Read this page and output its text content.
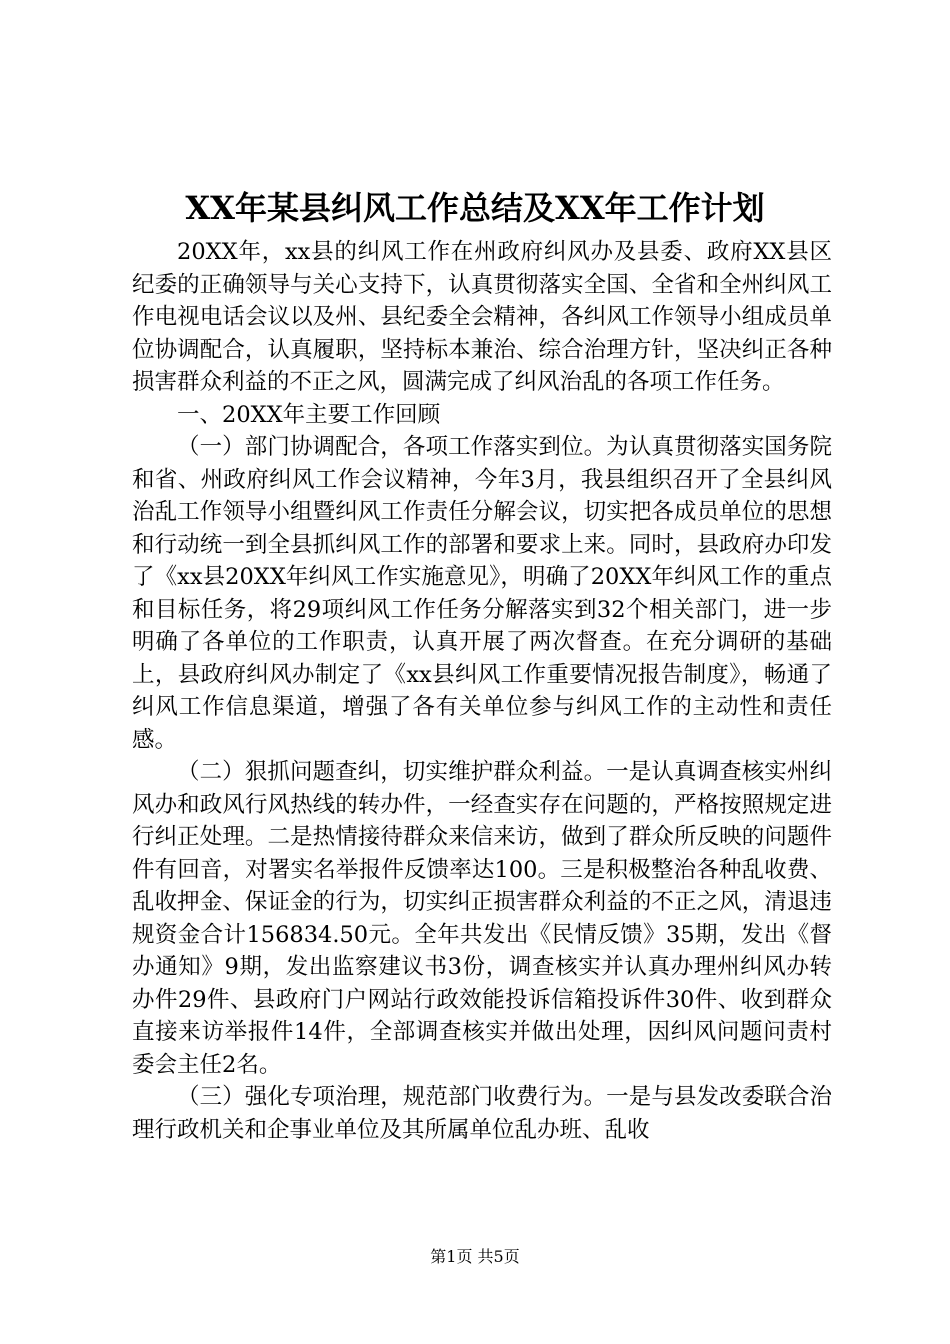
XX年某县纠风工作总结及XX年工作计划

20XX年，xx县的纠风工作在州政府纠风办及县委、政府XX县区纪委的正确领导与关心支持下，认真贯彻落实全国、全省和全州纠风工作电视电话会议以及州、县纪委全会精神，各纠风工作领导小组成员单位协调配合，认真履职，坚持标本兼治、综合治理方针，坚决纠正各种损害群众利益的不正之风，圆满完成了纠风治乱的各项工作任务。

一、20XX年主要工作回顾

（一）部门协调配合，各项工作落实到位。为认真贯彻落实国务院和省、州政府纠风工作会议精神，今年3月，我县组织召开了全县纠风治乱工作领导小组暨纠风工作责任分解会议，切实把各成员单位的思想和行动统一到全县抓纠风工作的部署和要求上来。同时，县政府办印发了《xx县20XX年纠风工作实施意见》，明确了20XX年纠风工作的重点和目标任务，将29项纠风工作任务分解落实到32个相关部门，进一步明确了各单位的工作职责，认真开展了两次督查。在充分调研的基础上，县政府纠风办制定了《xx县纠风工作重要情况报告制度》，畅通了纠风工作信息渠道，增强了各有关单位参与纠风工作的主动性和责任感。

（二）狠抓问题查纠，切实维护群众利益。一是认真调查核实州纠风办和政风行风热线的转办件，一经查实存在问题的，严格按照规定进行纠正处理。二是热情接待群众来信来访，做到了群众所反映的问题件件有回音，对署实名举报件反馈率达100。三是积极整治各种乱收费、乱收押金、保证金的行为，切实纠正损害群众利益的不正之风，清退违规资金合计156834.50元。全年共发出《民情反馈》35期，发出《督办通知》9期，发出监察建议书3份，调查核实并认真办理州纠风办转办件29件、县政府门户网站行政效能投诉信箱投诉件30件、收到群众直接来访举报件14件，全部调查核实并做出处理，因纠风问题问责村委会主任2名。

（三）强化专项治理，规范部门收费行为。一是与县发改委联合治理行政机关和企事业单位及其所属单位乱办班、乱收

第1页 共5页
